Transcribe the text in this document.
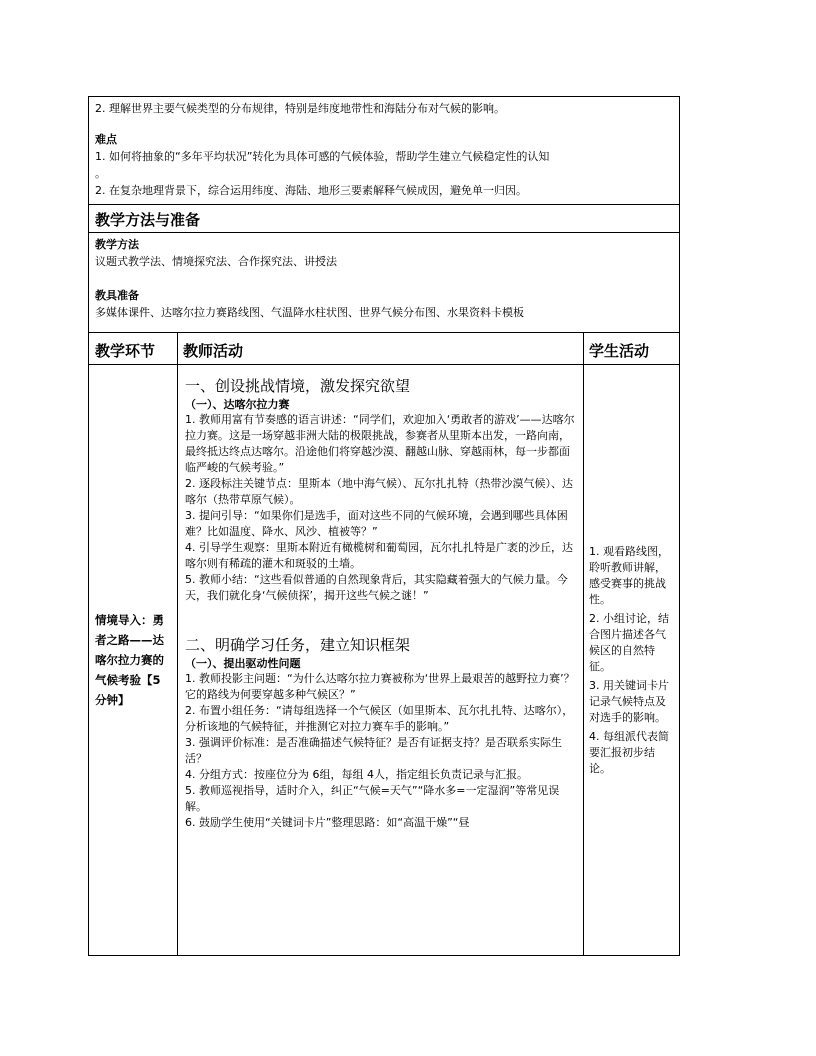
2. 理解世界主要气候类型的分布规律，特别是纬度地带性和海陆分布对气候的影响。

难点

1. 如何将抽象的“多年平均状况”转化为具体可感的气候体验，帮助学生建立气候稳定性的认知

。

2. 在复杂地理背景下，综合运用纬度、海陆、地形三要素解释气候成因，避免单一归因。

教学方法与准备

教学方法

议题式教学法、情境探究法、合作探究法、讲授法

教具准备

多媒体课件、达喀尔拉力赛路线图、气温降水柱状图、世界气候分布图、水果资料卡模板

教学环节	教师活动	学生活动
情境导入：勇者之路——达喀尔拉力赛的气候考验【5分钟】
一、创设挑战情境，激发探究欲望
（一）、达喀尔拉力赛

1. 教师用富有节奏感的语言讲述：“同学们，欢迎加入‘勇敢者的游戏’——达喀尔拉力赛。这是一场穿越非洲大陆的极限挑战，参赛者从里斯本出发，一路向南，最终抵达终点达喀尔。沿途他们将穿越沙漠、翻越山脉、穿越雨林，每一步都面临严峻的气候考验。”

2. 逐段标注关键节点：里斯本（地中海气候）、瓦尔扎扎特（热带沙漠气候）、达喀尔（热带草原气候）。

3. 提问引导：“如果你们是选手，面对这些不同的气候环境，会遇到哪些具体困难？比如温度、降水、风沙、植被等？”

4. 引导学生观察：里斯本附近有橄榄树和葡萄园，瓦尔扎扎特是广袤的沙丘，达喀尔则有稀疏的灌木和斑驳的土墙。

5. 教师小结：“这些看似普通的自然现象背后，其实隐藏着强大的气候力量。今天，我们就化身‘气候侦探’，揭开这些气候之谜！”

二、明确学习任务，建立知识框架
（一）、提出驱动性问题

1. 教师投影主问题：“为什么达喀尔拉力赛被称为‘世界上最艰苦的越野拉力赛’？它的路线为何要穿越多种气候区？”

2. 布置小组任务：“请每组选择一个气候区（如里斯本、瓦尔扎扎特、达喀尔），分析该地的气候特征，并推测它对拉力赛车手的影响。”

3. 强调评价标准：是否准确描述气候特征？是否有证据支持？是否联系实际生活？

4. 分组方式：按座位分为 6组，每组 4人，指定组长负责记录与汇报。

5. 教师巡视指导，适时介入，纠正“气候=天气”“降水多=一定湿润”等常见误解。

6. 鼓励学生使用“关键词卡片”整理思路：如“高温干燥”“昼

1. 观看路线图，聆听教师讲解，感受赛事的挑战性。

2. 小组讨论，结合图片描述各气候区的自然特征。

3. 用关键词卡片记录气候特点及对选手的影响。

4. 每组派代表简要汇报初步结论。
